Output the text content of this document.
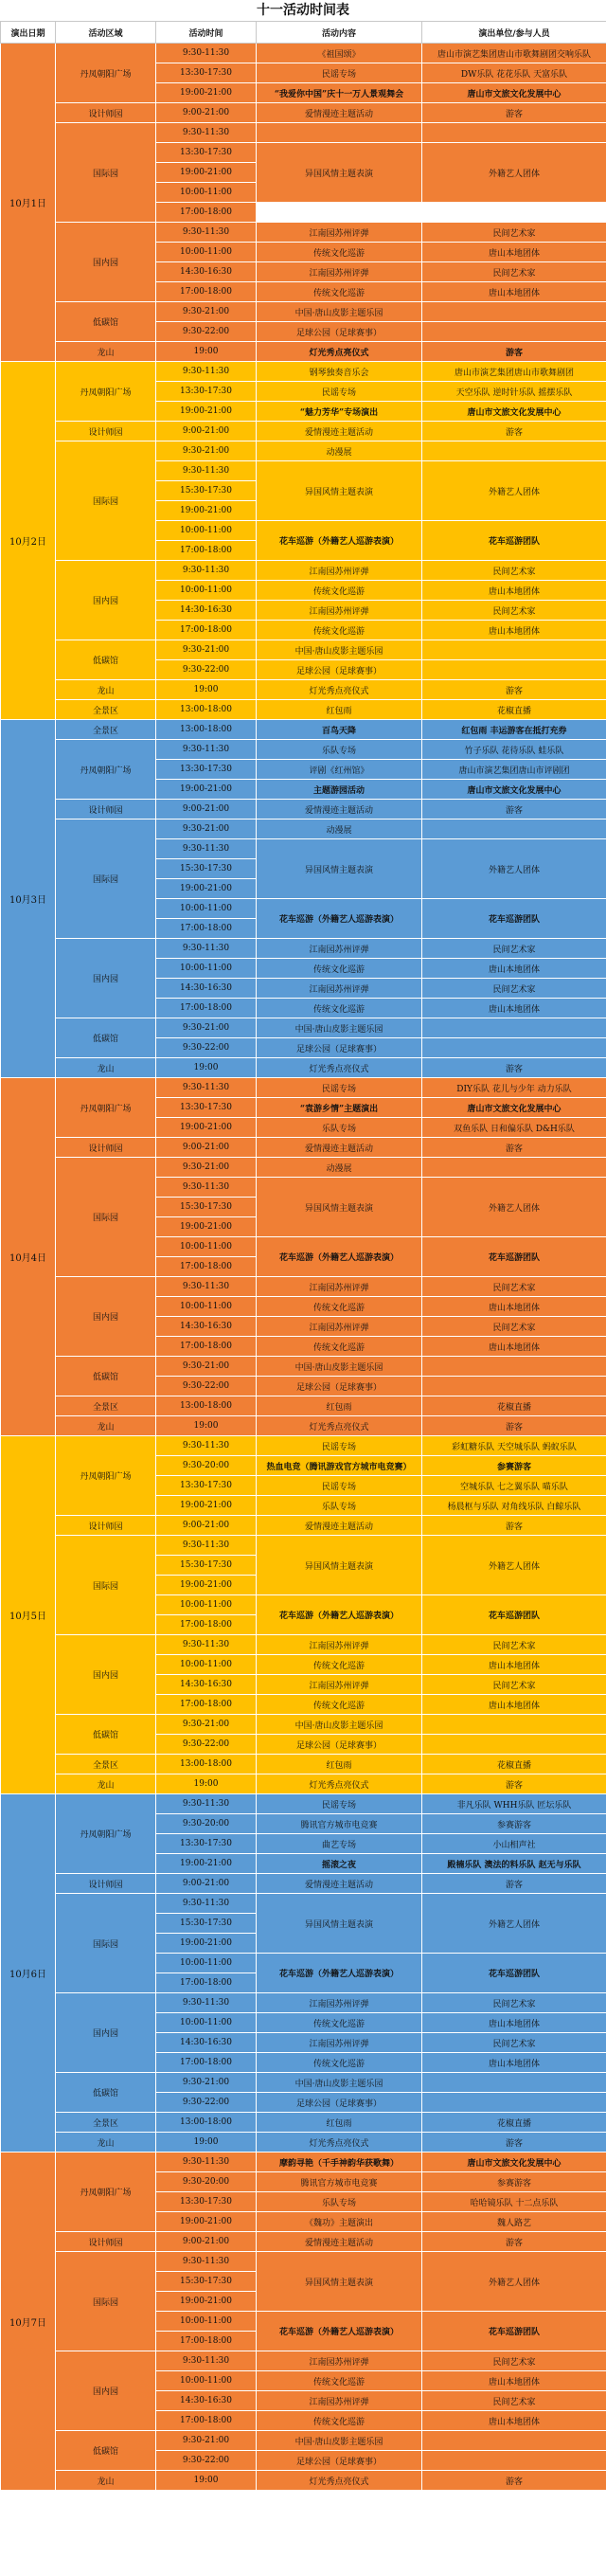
十一活动时间表
演出日期	活动区域	活动时间	活动内容	演出单位/参与人员	
10月1日	丹凤朝阳广场	9:30-11:30	《祖国颂》	唐山市演艺集团唐山市歌舞剧团交响乐队	
		13:30-17:30	民谣专场	DW乐队 花花乐队 天富乐队	
		19:00-21:00	“我爱你中国”庆十一万人景观舞会	唐山市文旅文化发展中心	
	设计师园	9:00-21:00	爱情漫迹主题活动	游客	
	国际园	9:30-11:30			
		13:30-17:30	异国风情主题表演	外籍艺人团体	
		19:00-21:00			
		10:00-11:00		
		17:00-18:00			
	国内园	9:30-11:30	江南园苏州评弹	民间艺术家	
		10:00-11:00	传统文化巡游	唐山本地团体	
		14:30-16:30	江南园苏州评弹	民间艺术家	
		17:00-18:00	传统文化巡游	唐山本地团体	
	低碳馆	9:30-21:00	中国·唐山皮影主题乐园		
		9:30-22:00	足球公园（足球赛事）		
	龙山	19:00	灯光秀点亮仪式	游客	
10月2日	丹凤朝阳广场	9:30-11:30	钢琴独奏音乐会	唐山市演艺集团唐山市歌舞剧团	
		13:30-17:30	民谣专场	天空乐队 逆时针乐队 摇摆乐队	
		19:00-21:00	“魅力芳华”专场演出	唐山市文旅文化发展中心	
	设计师园	9:00-21:00	爱情漫迹主题活动	游客	
	国际园	9:30-21:00	动漫展		
		9:30-11:30	异国风情主题表演	外籍艺人团体	
		15:30-17:30			
		19:00-21:00			
		10:00-11:00	花车巡游（外籍艺人巡游表演）	花车巡游团队	
		17:00-18:00			
	国内园	9:30-11:30	江南园苏州评弹	民间艺术家	
		10:00-11:00	传统文化巡游	唐山本地团体	
		14:30-16:30	江南园苏州评弹	民间艺术家	
		17:00-18:00	传统文化巡游	唐山本地团体	
	低碳馆	9:30-21:00	中国·唐山皮影主题乐园		
		9:30-22:00	足球公园（足球赛事）		
	龙山	19:00	灯光秀点亮仪式	游客	
	全景区	13:00-18:00	红包雨	花椒直播	
10月3日	全景区	13:00-18:00	百鸟天降	红包雨 丰运游客在抵打充券	
	丹凤朝阳广场	9:30-11:30	乐队专场	竹子乐队 花待乐队 蛙乐队	
		13:30-17:30	评剧《红州馆》	唐山市演艺集团唐山市评剧团	
		19:00-21:00	主题游园活动	唐山市文旅文化发展中心	
	设计师园	9:00-21:00	爱情漫迹主题活动	游客	
	国际园	9:30-21:00	动漫展		
		9:30-11:30	异国风情主题表演	外籍艺人团体	
		15:30-17:30			
		19:00-21:00			
		10:00-11:00	花车巡游（外籍艺人巡游表演）	花车巡游团队	
		17:00-18:00			
	国内园	9:30-11:30	江南园苏州评弹	民间艺术家	
		10:00-11:00	传统文化巡游	唐山本地团体	
		14:30-16:30	江南园苏州评弹	民间艺术家	
		17:00-18:00	传统文化巡游	唐山本地团体	
	低碳馆	9:30-21:00	中国·唐山皮影主题乐园		
		9:30-22:00	足球公园（足球赛事）		
	龙山	19:00	灯光秀点亮仪式	游客	
10月4日	丹凤朝阳广场	9:30-11:30	民谣专场	DIY乐队 花儿与少年 动力乐队	
		13:30-17:30	“袁游乡情”主题演出	唐山市文旅文化发展中心	
		19:00-21:00	乐队专场	双鱼乐队 日和偏乐队 D&H乐队	
	设计师园	9:00-21:00	爱情漫迹主题活动	游客	
	国际园	9:30-21:00	动漫展		
		9:30-11:30	异国风情主题表演	外籍艺人团体	
		15:30-17:30			
		19:00-21:00			
		10:00-11:00	花车巡游（外籍艺人巡游表演）	花车巡游团队	
		17:00-18:00			
	国内园	9:30-11:30	江南园苏州评弹	民间艺术家	
		10:00-11:00	传统文化巡游	唐山本地团体	
		14:30-16:30	江南园苏州评弹	民间艺术家	
		17:00-18:00	传统文化巡游	唐山本地团体	
	低碳馆	9:30-21:00	中国·唐山皮影主题乐园		
		9:30-22:00	足球公园（足球赛事）		
	全景区	13:00-18:00	红包雨	花椒直播	
	龙山	19:00	灯光秀点亮仪式	游客	
10月5日	丹凤朝阳广场	9:30-11:30	民谣专场	彩虹糖乐队 天空城乐队 蚂蚁乐队	
		9:30-20:00	热血电竞（腾讯游戏官方城市电竞赛）	参赛游客	
		13:30-17:30	民谣专场	空城乐队 七之翼乐队 喵乐队	
		19:00-21:00	乐队专场	杨晨枢与乐队 对角线乐队 白鲸乐队	
	设计师园	9:00-21:00	爱情漫迹主题活动	游客	
	国际园	9:30-11:30	异国风情主题表演	外籍艺人团体	
		15:30-17:30			
		19:00-21:00			
		10:00-11:00	花车巡游（外籍艺人巡游表演）	花车巡游团队	
		17:00-18:00			
	国内园	9:30-11:30	江南园苏州评弹	民间艺术家	
		10:00-11:00	传统文化巡游	唐山本地团体	
		14:30-16:30	江南园苏州评弹	民间艺术家	
		17:00-18:00	传统文化巡游	唐山本地团体	
	低碳馆	9:30-21:00	中国·唐山皮影主题乐园		
		9:30-22:00	足球公园（足球赛事）		
	全景区	13:00-18:00	红包雨	花椒直播	
	龙山	19:00	灯光秀点亮仪式	游客	
10月6日	丹凤朝阳广场	9:30-11:30	民谣专场	非凡乐队 WHH乐队 匠坛乐队	
		9:30-20:00	腾讯官方城市电竞赛	参赛游客	
		13:30-17:30	曲艺专场	小山相声社	
		19:00-21:00	摇滚之夜	殿楠乐队 澳法的料乐队 赵无与乐队	
	设计师园	9:00-21:00	爱情漫迹主题活动	游客	
	国际园	9:30-11:30	异国风情主题表演	外籍艺人团体	
		15:30-17:30			
		19:00-21:00			
		10:00-11:00	花车巡游（外籍艺人巡游表演）	花车巡游团队	
		17:00-18:00			
	国内园	9:30-11:30	江南园苏州评弹	民间艺术家	
		10:00-11:00	传统文化巡游	唐山本地团体	
		14:30-16:30	江南园苏州评弹	民间艺术家	
		17:00-18:00	传统文化巡游	唐山本地团体	
	低碳馆	9:30-21:00	中国·唐山皮影主题乐园		
		9:30-22:00	足球公园（足球赛事）		
	全景区	13:00-18:00	红包雨	花椒直播	
	龙山	19:00	灯光秀点亮仪式	游客	
10月7日	丹凤朝阳广场	9:30-11:30	摩韵寻艳（千手神韵华获歌舞）	唐山市文旅文化发展中心	
		9:30-20:00	腾讯官方城市电竞赛	参赛游客	
		13:30-17:30	乐队专场	哈哈镜乐队 十二点乐队	
		19:00-21:00	《魏功》主题演出	魏人路艺	
	设计师园	9:00-21:00	爱情漫迹主题活动	游客	
	国际园	9:30-11:30	异国风情主题表演	外籍艺人团体	
		15:30-17:30			
		19:00-21:00			
		10:00-11:00	花车巡游（外籍艺人巡游表演）	花车巡游团队	
		17:00-18:00			
	国内园	9:30-11:30	江南园苏州评弹	民间艺术家	
		10:00-11:00	传统文化巡游	唐山本地团体	
		14:30-16:30	江南园苏州评弹	民间艺术家	
		17:00-18:00	传统文化巡游	唐山本地团体	
	低碳馆	9:30-21:00	中国·唐山皮影主题乐园		
		9:30-22:00	足球公园（足球赛事）		
	龙山	19:00	灯光秀点亮仪式	游客	
